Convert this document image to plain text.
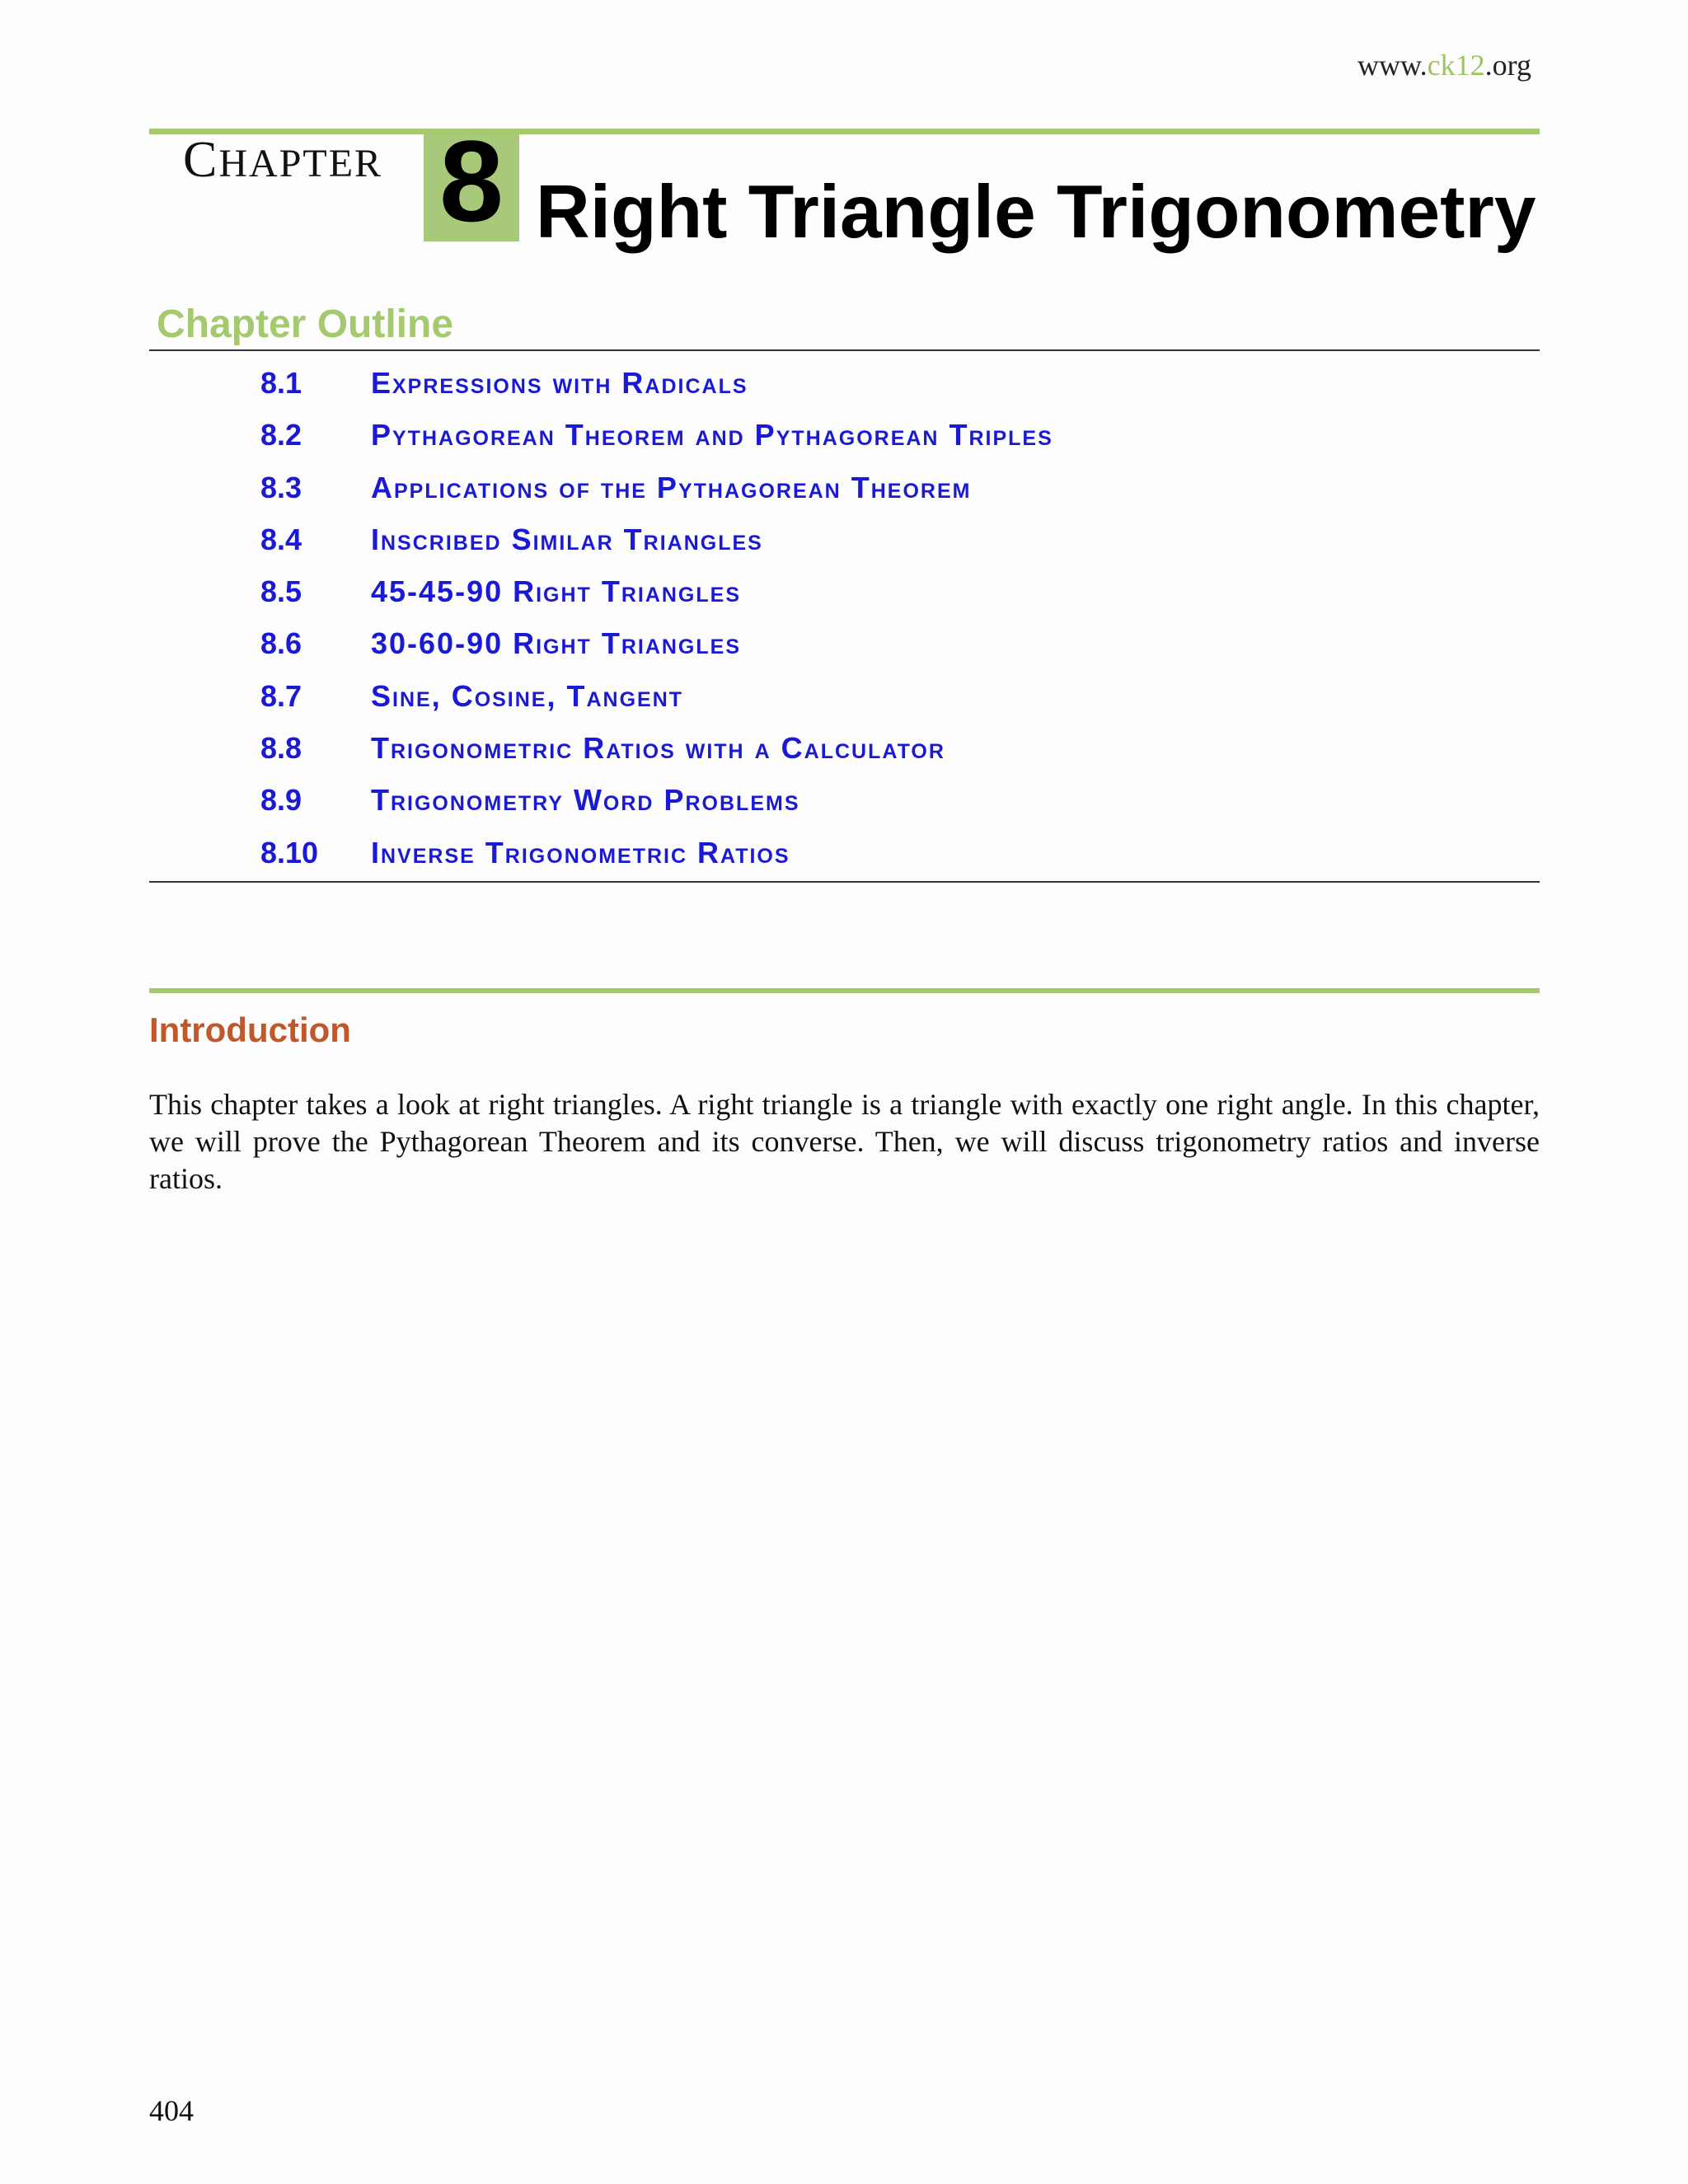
www.ck12.org
CHAPTER 8 Right Triangle Trigonometry
Chapter Outline
8.1 Expressions with Radicals
8.2 Pythagorean Theorem and Pythagorean Triples
8.3 Applications of the Pythagorean Theorem
8.4 Inscribed Similar Triangles
8.5 45-45-90 Right Triangles
8.6 30-60-90 Right Triangles
8.7 Sine, Cosine, Tangent
8.8 Trigonometric Ratios with a Calculator
8.9 Trigonometry Word Problems
8.10 Inverse Trigonometric Ratios
Introduction
This chapter takes a look at right triangles. A right triangle is a triangle with exactly one right angle. In this chapter, we will prove the Pythagorean Theorem and its converse. Then, we will discuss trigonometry ratios and inverse ratios.
404
